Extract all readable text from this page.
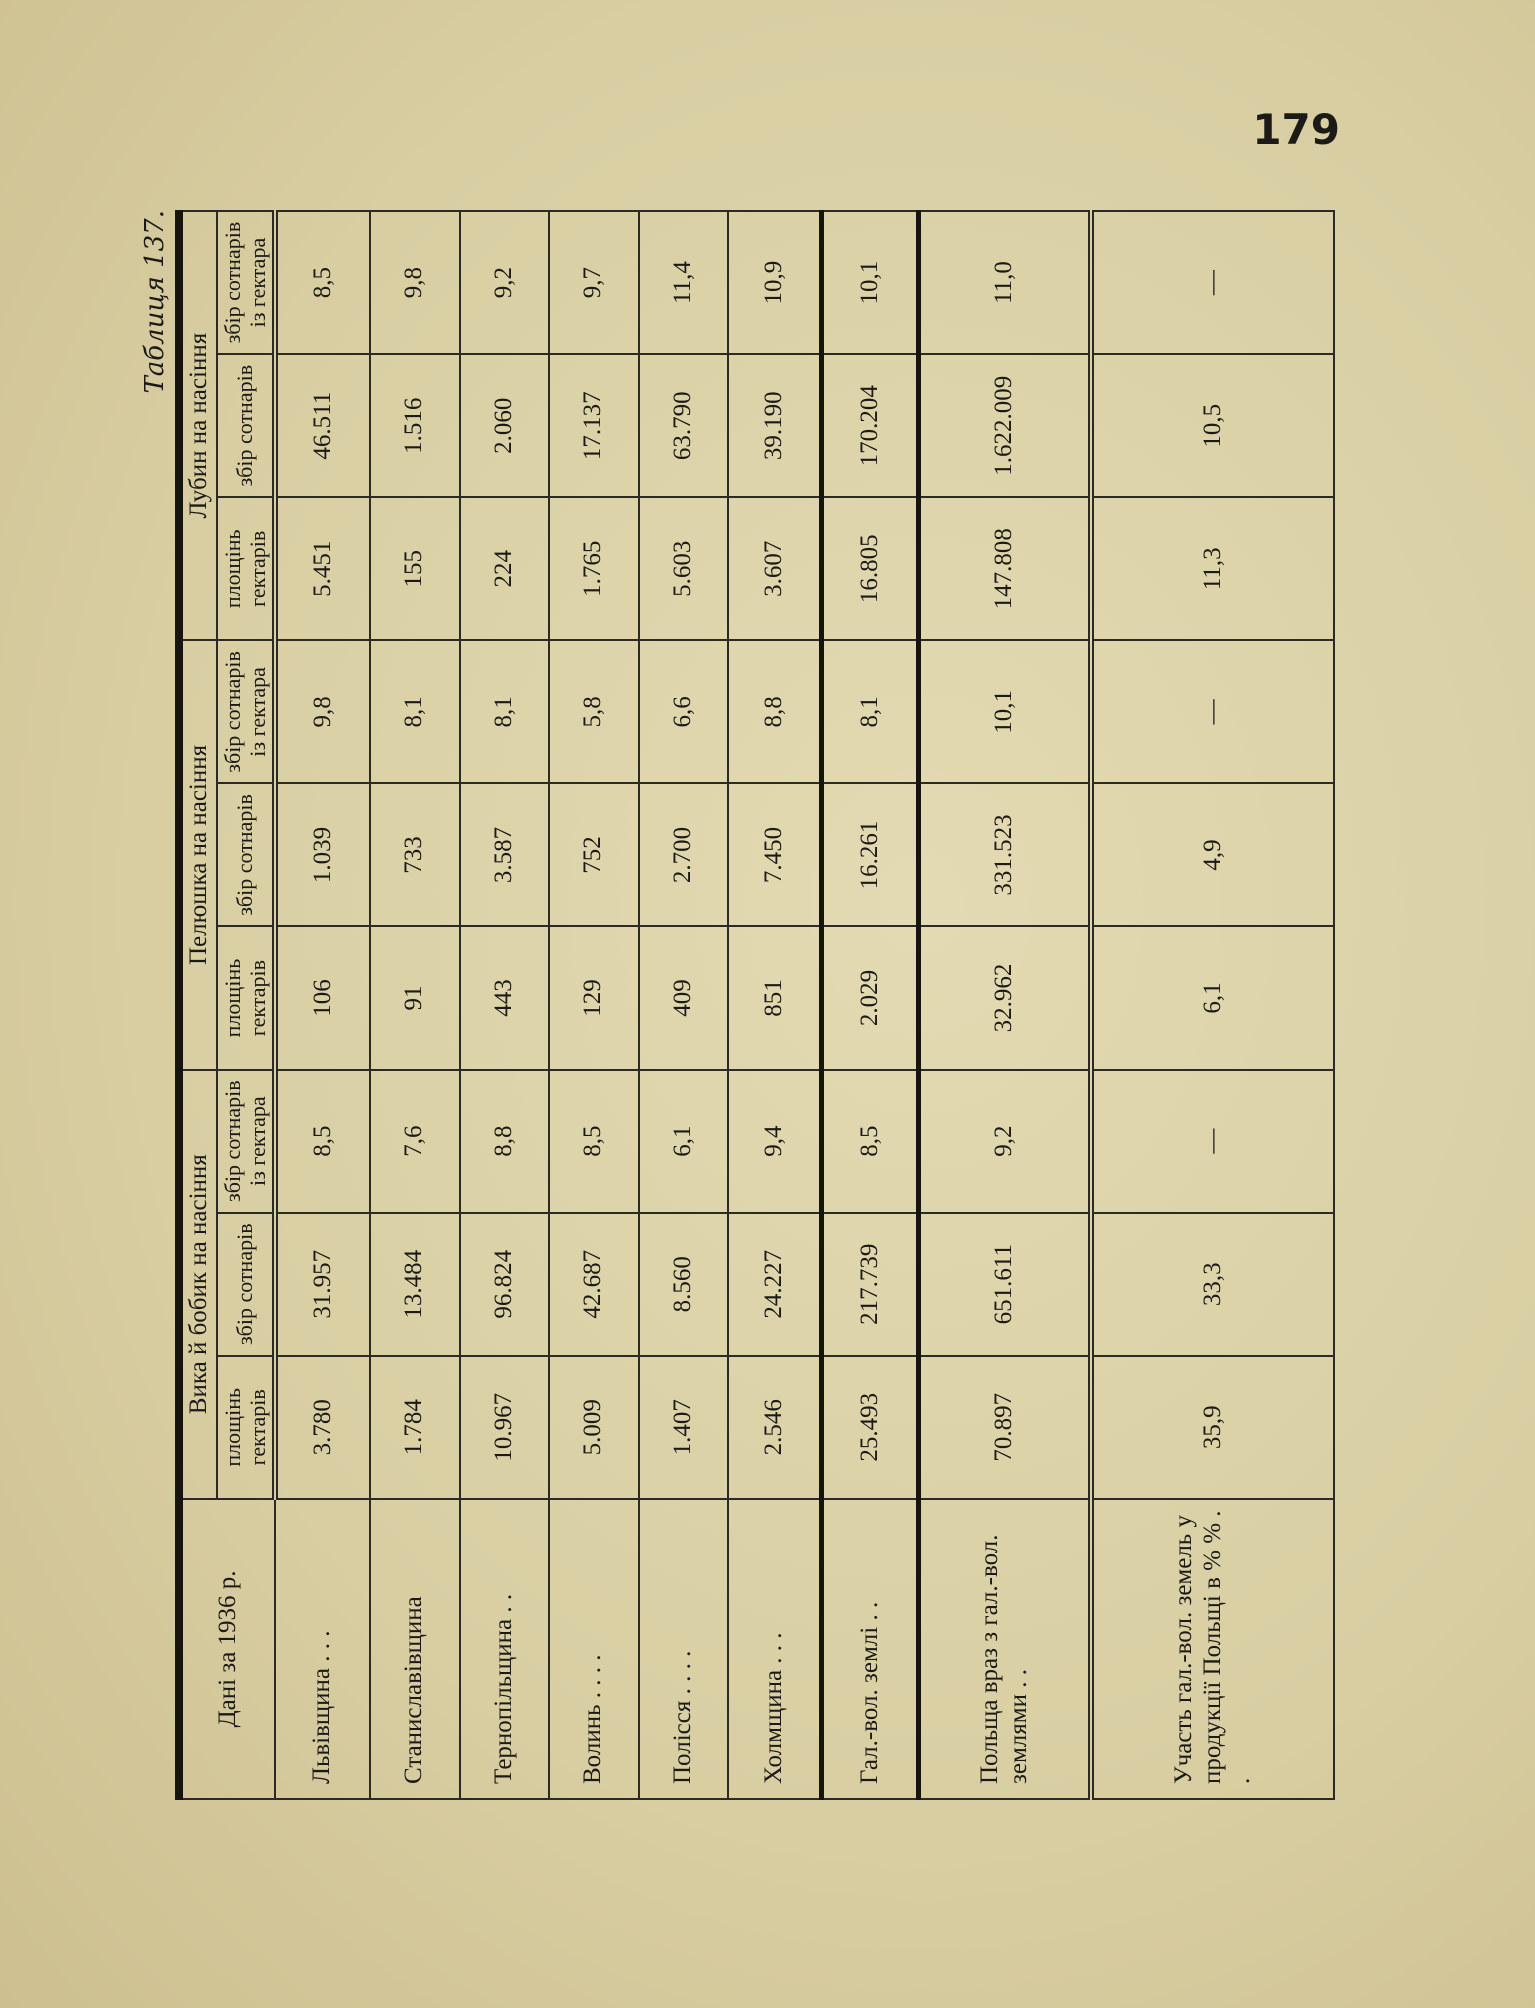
179
Таблиця 137.
Дані за 1936 р.	Вика й бобик на насіння			Пелюшка на насіння			Лубин на насіння		
	площінь гектарів	збір сотнарів	збір сотнарів із гектара	площінь гектарів	збір сотнарів	збір сотнарів із гектара	площінь гектарів	збір сотнарів	збір сотнарів із гектара
Львівщина . . .	3.780	31.957	8,5	106	1.039	9,8	5.451	46.511	8,5
Станиславівщина	1.784	13.484	7,6	91	733	8,1	155	1.516	9,8
Тернопільщина . .	10.967	96.824	8,8	443	3.587	8,1	224	2.060	9,2
Волинь . . . .	5.009	42.687	8,5	129	752	5,8	1.765	17.137	9,7
Полісся . . . .	1.407	8.560	6,1	409	2.700	6,6	5.603	63.790	11,4
Холмщина . . .	2.546	24.227	9,4	851	7.450	8,8	3.607	39.190	10,9
Гал.-вол. землі . .	25.493	217.739	8,5	2.029	16.261	8,1	16.805	170.204	10,1
Польща враз з гал.-вол. землями . .	70.897	651.611	9,2	32.962	331.523	10,1	147.808	1.622.009	11,0
Участь гал.-вол. земель у продукції Польщі в % % . .	35,9	33,3	—	6,1	4,9	—	11,3	10,5	—
